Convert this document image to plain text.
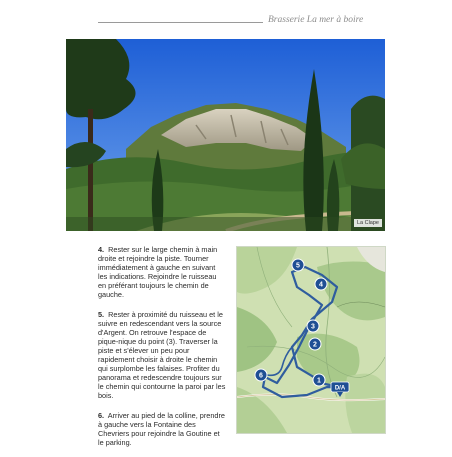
Brasserie La mer à boire
La Clape
4. Rester sur le large chemin à main droite et rejoindre la piste. Tourner immédiatement à gauche en suivant les indications. Rejoindre le ruisseau en préférant toujours le chemin de gauche.
5. Rester à proximité du ruisseau et le suivre en redescendant vers la source d'Argent. On retrouve l'espace de pique-nique du point (3). Traverser la piste et s'élever un peu pour rapidement choisir à droite le chemin qui surplombe les falaises. Profiter du panorama et redescendre toujours sur le chemin qui contourne la paroi par les bois.
6. Arriver au pied de la colline, prendre à gauche vers la Fontaine des Chevriers pour rejoindre la Goutine et le parking.
5
4
3
2
6
1
D/A
